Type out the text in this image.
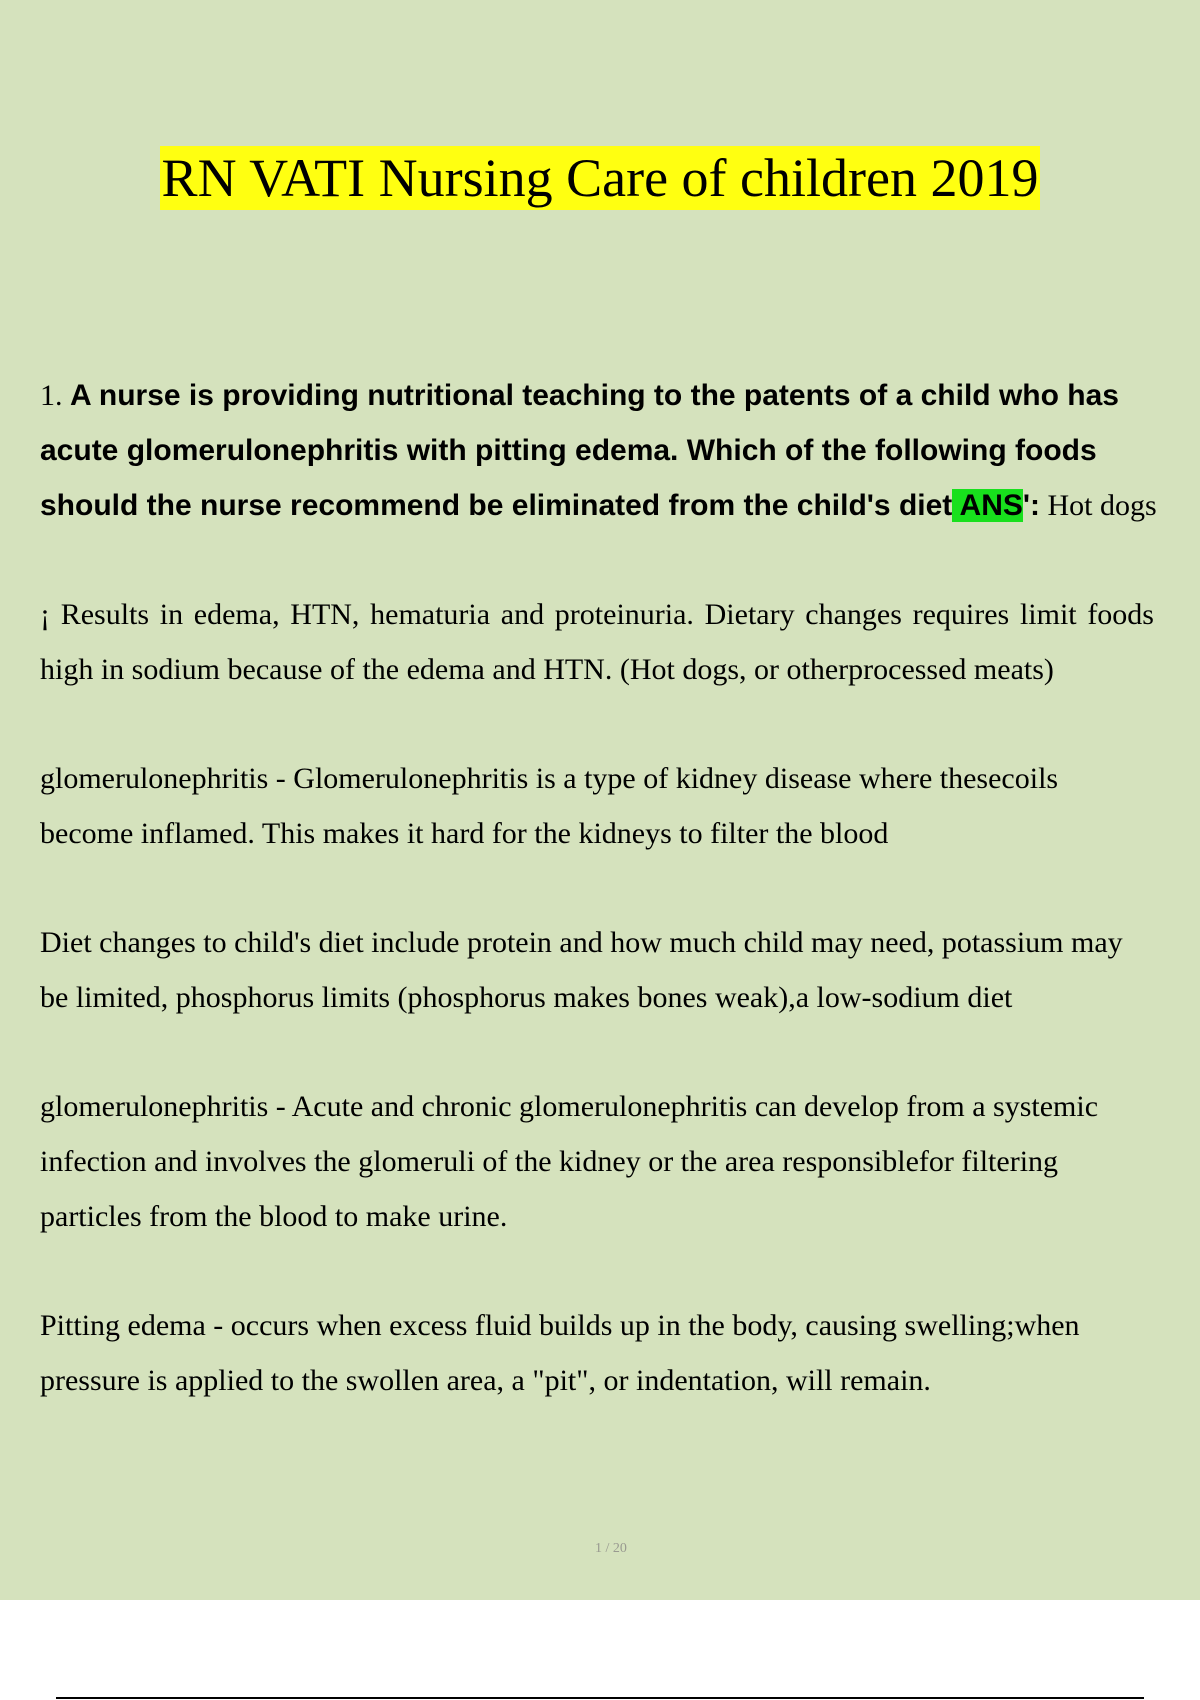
RN VATI Nursing Care of children 2019

1. A nurse is providing nutritional teaching to the patents of a child who has acute glomerulonephritis with pitting edema. Which of the following foods should the nurse recommend be eliminated from the child's diet ANS': Hot dogs

¡ Results in edema, HTN, hematuria and proteinuria. Dietary changes requires limit foods high in sodium because of the edema and HTN. (Hot dogs, or otherprocessed meats)

glomerulonephritis - Glomerulonephritis is a type of kidney disease where thesecoils become inflamed. This makes it hard for the kidneys to filter the blood

Diet changes to child's diet include protein and how much child may need, potassium may be limited, phosphorus limits (phosphorus makes bones weak),a low-sodium diet

glomerulonephritis - Acute and chronic glomerulonephritis can develop from a systemic infection and involves the glomeruli of the kidney or the area responsiblefor filtering particles from the blood to make urine.

Pitting edema - occurs when excess fluid builds up in the body, causing swelling;when pressure is applied to the swollen area, a "pit", or indentation, will remain.

1 / 20
